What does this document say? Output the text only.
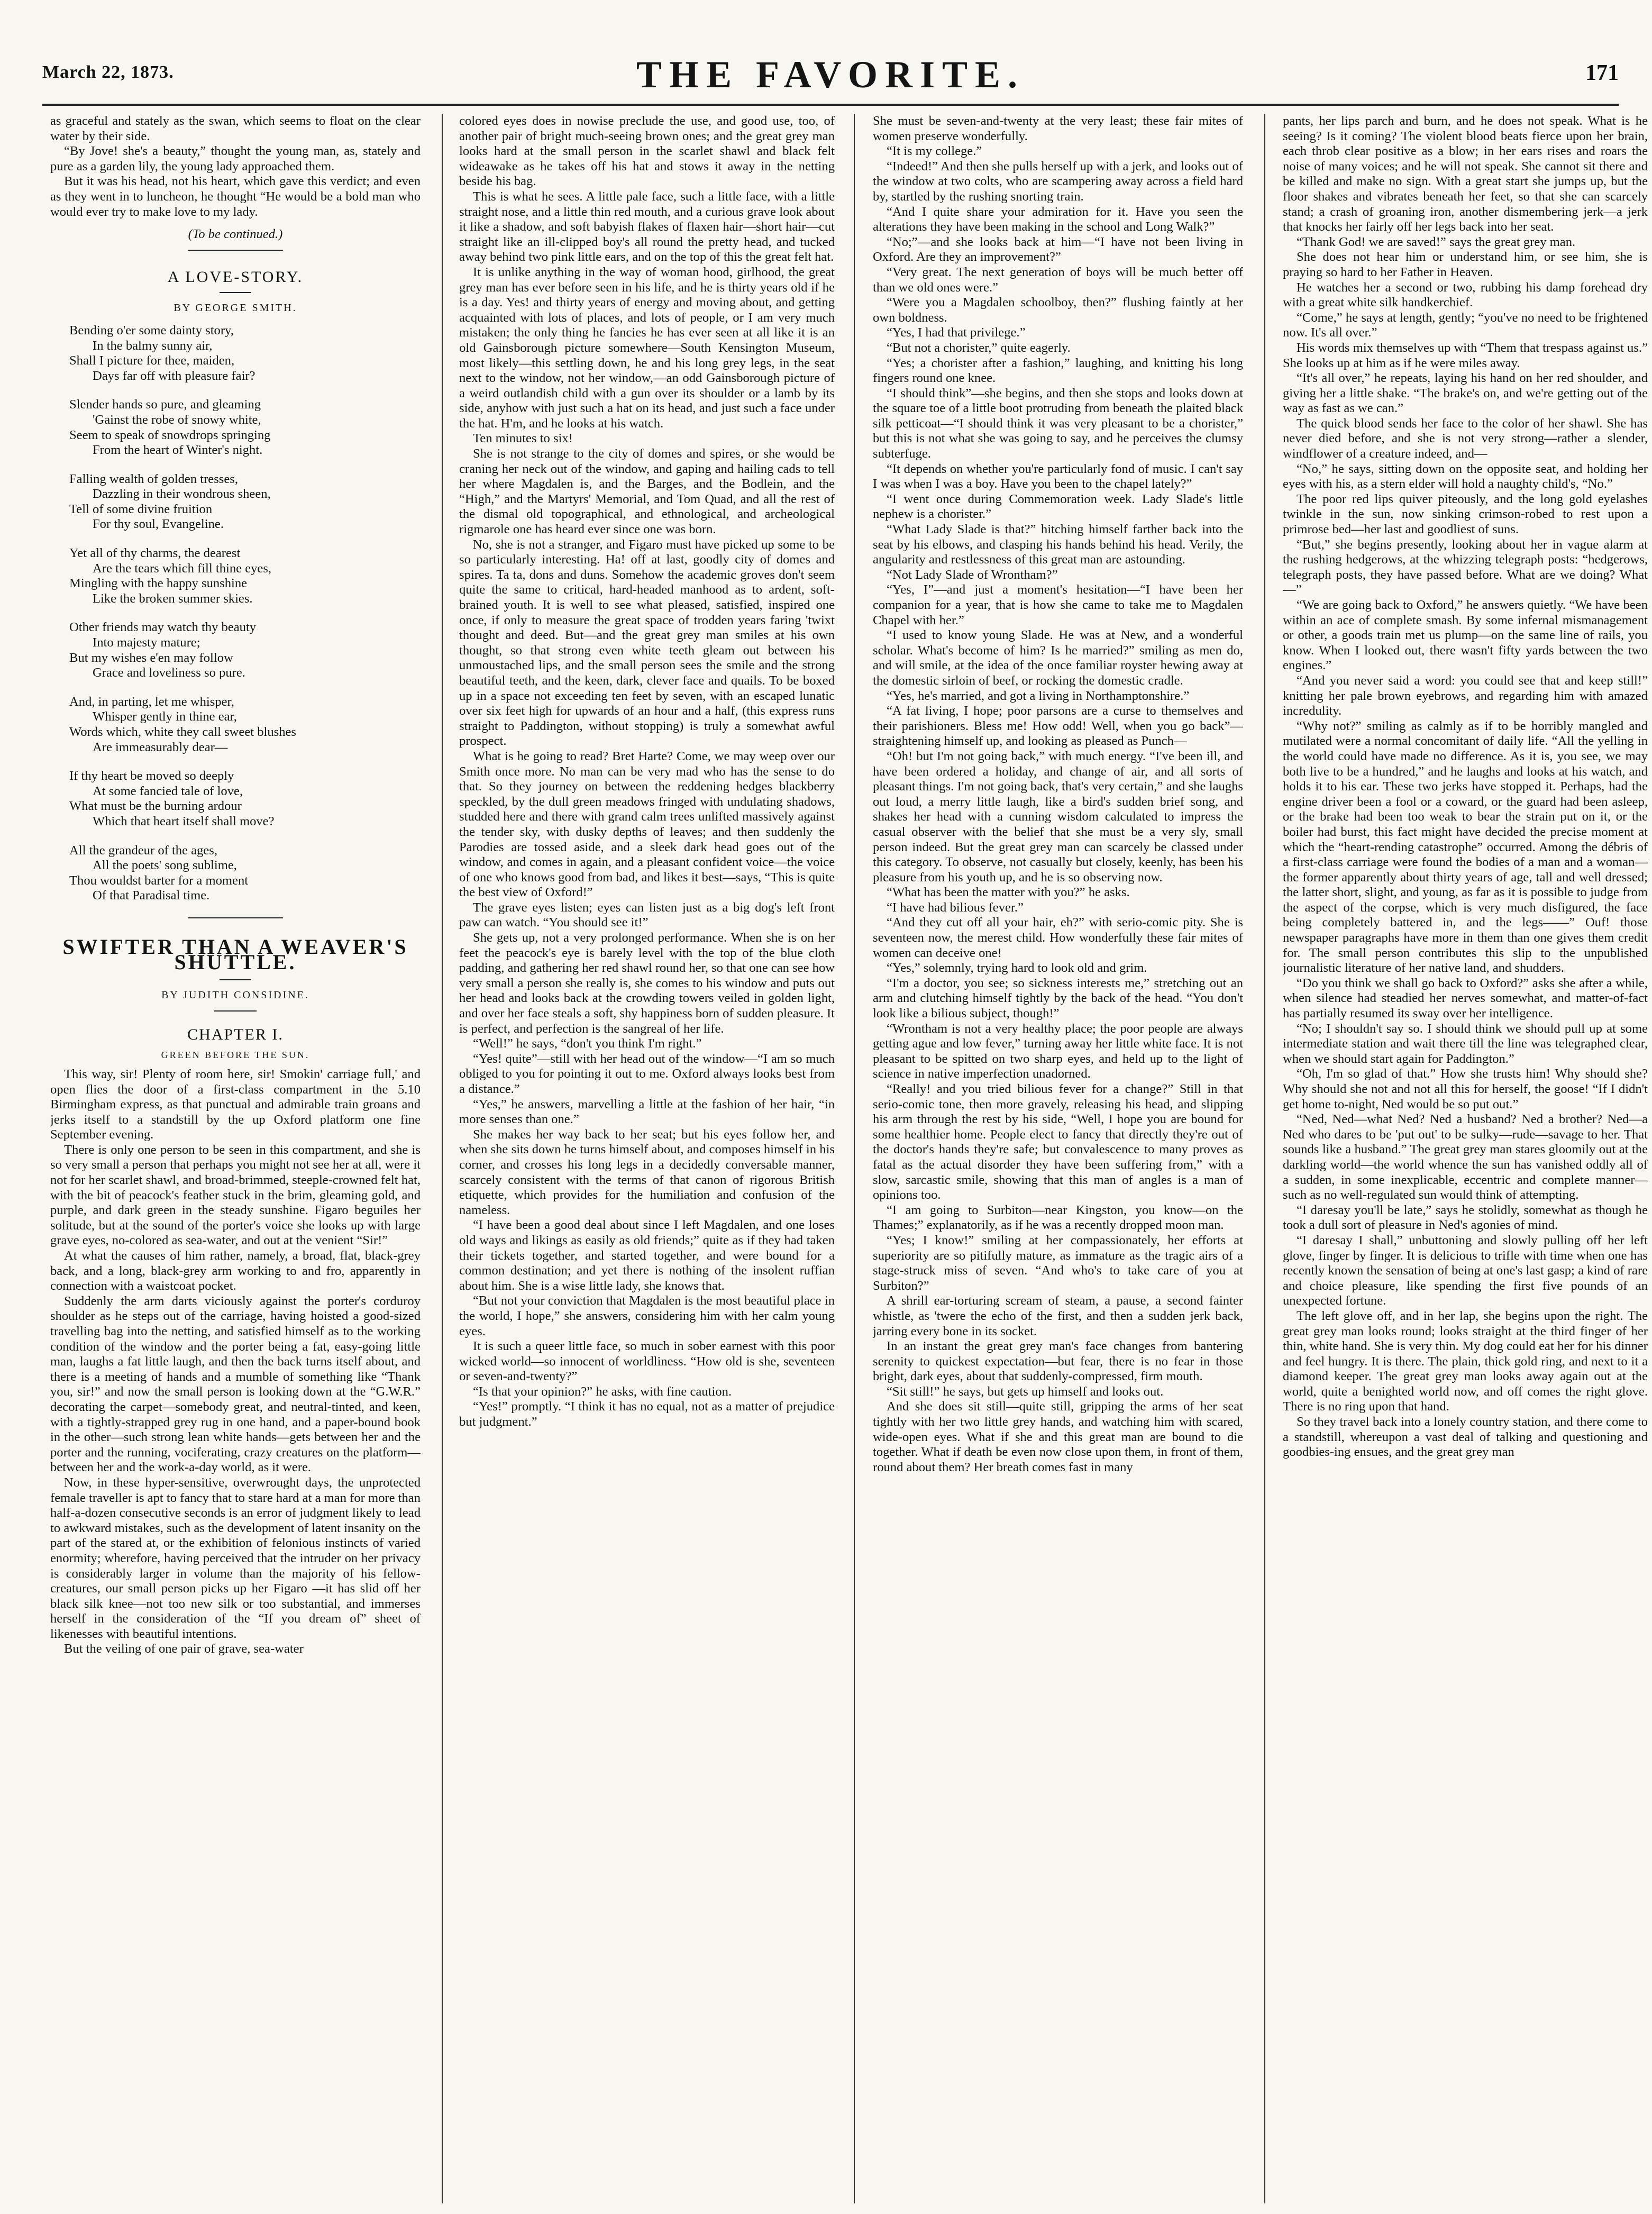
March 22, 1873.	THE FAVORITE.	171

as graceful and stately as the swan, which seems to float on the clear water by their side.

“By Jove! she's a beauty,” thought the young man, as, stately and pure as a garden lily, the young lady approached them.

But it was his head, not his heart, which gave this verdict; and even as they went in to luncheon, he thought “He would be a bold man who would ever try to make love to my lady.

(To be continued.)

A LOVE-STORY.

BY GEORGE SMITH.

Bending o'er some dainty story,
In the balmy sunny air,
Shall I picture for thee, maiden,
Days far off with pleasure fair?
Slender hands so pure, and gleaming
'Gainst the robe of snowy white,
Seem to speak of snowdrops springing
From the heart of Winter's night.
Falling wealth of golden tresses,
Dazzling in their wondrous sheen,
Tell of some divine fruition
For thy soul, Evangeline.
Yet all of thy charms, the dearest
Are the tears which fill thine eyes,
Mingling with the happy sunshine
Like the broken summer skies.
Other friends may watch thy beauty
Into majesty mature;
But my wishes e'en may follow
Grace and loveliness so pure.
And, in parting, let me whisper,
Whisper gently in thine ear,
Words which, white they call sweet blushes
Are immeasurably dear—
If thy heart be moved so deeply
At some fancied tale of love,
What must be the burning ardour
Which that heart itself shall move?
All the grandeur of the ages,
All the poets' song sublime,
Thou wouldst barter for a moment
Of that Paradisal time.
SWIFTER THAN A WEAVER'S SHUTTLE.

BY JUDITH CONSIDINE.

CHAPTER I.

GREEN BEFORE THE SUN.

This way, sir! Plenty of room here, sir! Smokin' carriage full,' and open flies the door of a first-class compartment in the 5.10 Birmingham express, as that punctual and admirable train groans and jerks itself to a standstill by the up Oxford platform one fine September evening.

There is only one person to be seen in this compartment, and she is so very small a person that perhaps you might not see her at all, were it not for her scarlet shawl, and broad-brimmed, steeple-crowned felt hat, with the bit of peacock's feather stuck in the brim, gleaming gold, and purple, and dark green in the steady sunshine. Figaro beguiles her solitude, but at the sound of the porter's voice she looks up with large grave eyes, no-colored as sea-water, and out at the venient “Sir!”

At what the causes of him rather, namely, a broad, flat, black-grey back, and a long, black-grey arm working to and fro, apparently in connection with a waistcoat pocket.

Suddenly the arm darts viciously against the porter's corduroy shoulder as he steps out of the carriage, having hoisted a good-sized travelling bag into the netting, and satisfied himself as to the working condition of the window and the porter being a fat, easy-going little man, laughs a fat little laugh, and then the back turns itself about, and there is a meeting of hands and a mumble of something like “Thank you, sir!” and now the small person is looking down at the “G.W.R.” decorating the carpet—somebody great, and neutral-tinted, and keen, with a tightly-strapped grey rug in one hand, and a paper-bound book in the other—such strong lean white hands—gets between her and the porter and the running, vociferating, crazy creatures on the platform—between her and the work-a-day world, as it were.

Now, in these hyper-sensitive, overwrought days, the unprotected female traveller is apt to fancy that to stare hard at a man for more than half-a-dozen consecutive seconds is an error of judgment likely to lead to awkward mistakes, such as the development of latent insanity on the part of the stared at, or the exhibition of felonious instincts of varied enormity; wherefore, having perceived that the intruder on her privacy is considerably larger in volume than the majority of his fellow-creatures, our small person picks up her Figaro —it has slid off her black silk knee—not too new silk or too substantial, and immerses herself in the consideration of the “If you dream of” sheet of likenesses with beautiful intentions.

But the veiling of one pair of grave, sea-water

colored eyes does in nowise preclude the use, and good use, too, of another pair of bright much-seeing brown ones; and the great grey man looks hard at the small person in the scarlet shawl and black felt wideawake as he takes off his hat and stows it away in the netting beside his bag.

This is what he sees. A little pale face, such a little face, with a little straight nose, and a little thin red mouth, and a curious grave look about it like a shadow, and soft babyish flakes of flaxen hair—short hair—cut straight like an ill-clipped boy's all round the pretty head, and tucked away behind two pink little ears, and on the top of this the great felt hat.

It is unlike anything in the way of woman hood, girlhood, the great grey man has ever before seen in his life, and he is thirty years old if he is a day. Yes! and thirty years of energy and moving about, and getting acquainted with lots of places, and lots of people, or I am very much mistaken; the only thing he fancies he has ever seen at all like it is an old Gainsborough picture somewhere—South Kensington Museum, most likely—this settling down, he and his long grey legs, in the seat next to the window, not her window,—an odd Gainsborough picture of a weird outlandish child with a gun over its shoulder or a lamb by its side, anyhow with just such a hat on its head, and just such a face under the hat. H'm, and he looks at his watch.

Ten minutes to six!

She is not strange to the city of domes and spires, or she would be craning her neck out of the window, and gaping and hailing cads to tell her where Magdalen is, and the Barges, and the Bodlein, and the “High,” and the Martyrs' Memorial, and Tom Quad, and all the rest of the dismal old topographical, and ethnological, and archeological rigmarole one has heard ever since one was born.

No, she is not a stranger, and Figaro must have picked up some to be so particularly interesting. Ha! off at last, goodly city of domes and spires. Ta ta, dons and duns. Somehow the academic groves don't seem quite the same to critical, hard-headed manhood as to ardent, soft-brained youth. It is well to see what pleased, satisfied, inspired one once, if only to measure the great space of trodden years faring 'twixt thought and deed. But—and the great grey man smiles at his own thought, so that strong even white teeth gleam out between his unmoustached lips, and the small person sees the smile and the strong beautiful teeth, and the keen, dark, clever face and quails. To be boxed up in a space not exceeding ten feet by seven, with an escaped lunatic over six feet high for upwards of an hour and a half, (this express runs straight to Paddington, without stopping) is truly a somewhat awful prospect.

What is he going to read? Bret Harte? Come, we may weep over our Smith once more. No man can be very mad who has the sense to do that. So they journey on between the reddening hedges blackberry speckled, by the dull green meadows fringed with undulating shadows, studded here and there with grand calm trees unlifted massively against the tender sky, with dusky depths of leaves; and then suddenly the Parodies are tossed aside, and a sleek dark head goes out of the window, and comes in again, and a pleasant confident voice—the voice of one who knows good from bad, and likes it best—says, “This is quite the best view of Oxford!”

The grave eyes listen; eyes can listen just as a big dog's left front paw can watch. “You should see it!”

She gets up, not a very prolonged performance. When she is on her feet the peacock's eye is barely level with the top of the blue cloth padding, and gathering her red shawl round her, so that one can see how very small a person she really is, she comes to his window and puts out her head and looks back at the crowding towers veiled in golden light, and over her face steals a soft, shy happiness born of sudden pleasure. It is perfect, and perfection is the sangreal of her life.

“Well!” he says, “don't you think I'm right.”

“Yes! quite”—still with her head out of the window—“I am so much obliged to you for pointing it out to me. Oxford always looks best from a distance.”

“Yes,” he answers, marvelling a little at the fashion of her hair, “in more senses than one.”

She makes her way back to her seat; but his eyes follow her, and when she sits down he turns himself about, and composes himself in his corner, and crosses his long legs in a decidedly conversable manner, scarcely consistent with the terms of that canon of rigorous British etiquette, which provides for the humiliation and confusion of the nameless.

“I have been a good deal about since I left Magdalen, and one loses old ways and likings as easily as old friends;” quite as if they had taken their tickets together, and started together, and were bound for a common destination; and yet there is nothing of the insolent ruffian about him. She is a wise little lady, she knows that.

“But not your conviction that Magdalen is the most beautiful place in the world, I hope,” she answers, considering him with her calm young eyes.

It is such a queer little face, so much in sober earnest with this poor wicked world—so innocent of worldliness. “How old is she, seventeen or seven-and-twenty?”

“Is that your opinion?” he asks, with fine caution.

“Yes!” promptly. “I think it has no equal, not as a matter of prejudice but judgment.”

She must be seven-and-twenty at the very least; these fair mites of women preserve wonderfully.

“It is my college.”

“Indeed!” And then she pulls herself up with a jerk, and looks out of the window at two colts, who are scampering away across a field hard by, startled by the rushing snorting train.

“And I quite share your admiration for it. Have you seen the alterations they have been making in the school and Long Walk?”

“No;”—and she looks back at him—“I have not been living in Oxford. Are they an improvement?”

“Very great. The next generation of boys will be much better off than we old ones were.”

“Were you a Magdalen schoolboy, then?” flushing faintly at her own boldness.

“Yes, I had that privilege.”

“But not a chorister,” quite eagerly.

“Yes; a chorister after a fashion,” laughing, and knitting his long fingers round one knee.

“I should think”—she begins, and then she stops and looks down at the square toe of a little boot protruding from beneath the plaited black silk petticoat—“I should think it was very pleasant to be a chorister,” but this is not what she was going to say, and he perceives the clumsy subterfuge.

“It depends on whether you're particularly fond of music. I can't say I was when I was a boy. Have you been to the chapel lately?”

“I went once during Commemoration week. Lady Slade's little nephew is a chorister.”

“What Lady Slade is that?” hitching himself farther back into the seat by his elbows, and clasping his hands behind his head. Verily, the angularity and restlessness of this great man are astounding.

“Not Lady Slade of Wrontham?”

“Yes, I”—and just a moment's hesitation—“I have been her companion for a year, that is how she came to take me to Magdalen Chapel with her.”

“I used to know young Slade. He was at New, and a wonderful scholar. What's become of him? Is he married?” smiling as men do, and will smile, at the idea of the once familiar royster hewing away at the domestic sirloin of beef, or rocking the domestic cradle.

“Yes, he's married, and got a living in Northamptonshire.”

“A fat living, I hope; poor parsons are a curse to themselves and their parishioners. Bless me! How odd! Well, when you go back”—straightening himself up, and looking as pleased as Punch—

“Oh! but I'm not going back,” with much energy. “I've been ill, and have been ordered a holiday, and change of air, and all sorts of pleasant things. I'm not going back, that's very certain,” and she laughs out loud, a merry little laugh, like a bird's sudden brief song, and shakes her head with a cunning wisdom calculated to impress the casual observer with the belief that she must be a very sly, small person indeed. But the great grey man can scarcely be classed under this category. To observe, not casually but closely, keenly, has been his pleasure from his youth up, and he is so observing now.

“What has been the matter with you?” he asks.

“I have had bilious fever.”

“And they cut off all your hair, eh?” with serio-comic pity. She is seventeen now, the merest child. How wonderfully these fair mites of women can deceive one!

“Yes,” solemnly, trying hard to look old and grim.

“I'm a doctor, you see; so sickness interests me,” stretching out an arm and clutching himself tightly by the back of the head. “You don't look like a bilious subject, though!”

“Wrontham is not a very healthy place; the poor people are always getting ague and low fever,” turning away her little white face. It is not pleasant to be spitted on two sharp eyes, and held up to the light of science in native imperfection unadorned.

“Really! and you tried bilious fever for a change?” Still in that serio-comic tone, then more gravely, releasing his head, and slipping his arm through the rest by his side, “Well, I hope you are bound for some healthier home. People elect to fancy that directly they're out of the doctor's hands they're safe; but convalescence to many proves as fatal as the actual disorder they have been suffering from,” with a slow, sarcastic smile, showing that this man of angles is a man of opinions too.

“I am going to Surbiton—near Kingston, you know—on the Thames;” explanatorily, as if he was a recently dropped moon man.

“Yes; I know!” smiling at her compassionately, her efforts at superiority are so pitifully mature, as immature as the tragic airs of a stage-struck miss of seven. “And who's to take care of you at Surbiton?”

A shrill ear-torturing scream of steam, a pause, a second fainter whistle, as 'twere the echo of the first, and then a sudden jerk back, jarring every bone in its socket.

In an instant the great grey man's face changes from bantering serenity to quickest expectation—but fear, there is no fear in those bright, dark eyes, about that suddenly-compressed, firm mouth.

“Sit still!” he says, but gets up himself and looks out.

And she does sit still—quite still, gripping the arms of her seat tightly with her two little grey hands, and watching him with scared, wide-open eyes. What if she and this great man are bound to die together. What if death be even now close upon them, in front of them, round about them? Her breath comes fast in many

pants, her lips parch and burn, and he does not speak. What is he seeing? Is it coming? The violent blood beats fierce upon her brain, each throb clear positive as a blow; in her ears rises and roars the noise of many voices; and he will not speak. She cannot sit there and be killed and make no sign. With a great start she jumps up, but the floor shakes and vibrates beneath her feet, so that she can scarcely stand; a crash of groaning iron, another dismembering jerk—a jerk that knocks her fairly off her legs back into her seat.

“Thank God! we are saved!” says the great grey man.

She does not hear him or understand him, or see him, she is praying so hard to her Father in Heaven.

He watches her a second or two, rubbing his damp forehead dry with a great white silk handkerchief.

“Come,” he says at length, gently; “you've no need to be frightened now. It's all over.”

His words mix themselves up with “Them that trespass against us.” She looks up at him as if he were miles away.

“It's all over,” he repeats, laying his hand on her red shoulder, and giving her a little shake. “The brake's on, and we're getting out of the way as fast as we can.”

The quick blood sends her face to the color of her shawl. She has never died before, and she is not very strong—rather a slender, windflower of a creature indeed, and—

“No,” he says, sitting down on the opposite seat, and holding her eyes with his, as a stern elder will hold a naughty child's, “No.”

The poor red lips quiver piteously, and the long gold eyelashes twinkle in the sun, now sinking crimson-robed to rest upon a primrose bed—her last and goodliest of suns.

“But,” she begins presently, looking about her in vague alarm at the rushing hedgerows, at the whizzing telegraph posts: “hedgerows, telegraph posts, they have passed before. What are we doing? What—”

“We are going back to Oxford,” he answers quietly. “We have been within an ace of complete smash. By some infernal mismanagement or other, a goods train met us plump—on the same line of rails, you know. When I looked out, there wasn't fifty yards between the two engines.”

“And you never said a word: you could see that and keep still!” knitting her pale brown eyebrows, and regarding him with amazed incredulity.

“Why not?” smiling as calmly as if to be horribly mangled and mutilated were a normal concomitant of daily life. “All the yelling in the world could have made no difference. As it is, you see, we may both live to be a hundred,” and he laughs and looks at his watch, and holds it to his ear. These two jerks have stopped it. Perhaps, had the engine driver been a fool or a coward, or the guard had been asleep, or the brake had been too weak to bear the strain put on it, or the boiler had burst, this fact might have decided the precise moment at which the “heart-rending catastrophe” occurred. Among the débris of a first-class carriage were found the bodies of a man and a woman—the former apparently about thirty years of age, tall and well dressed; the latter short, slight, and young, as far as it is possible to judge from the aspect of the corpse, which is very much disfigured, the face being completely battered in, and the legs——” Ouf! those newspaper paragraphs have more in them than one gives them credit for. The small person contributes this slip to the unpublished journalistic literature of her native land, and shudders.

“Do you think we shall go back to Oxford?” asks she after a while, when silence had steadied her nerves somewhat, and matter-of-fact has partially resumed its sway over her intelligence.

“No; I shouldn't say so. I should think we should pull up at some intermediate station and wait there till the line was telegraphed clear, when we should start again for Paddington.”

“Oh, I'm so glad of that.” How she trusts him! Why should she? Why should she not and not all this for herself, the goose! “If I didn't get home to-night, Ned would be so put out.”

“Ned, Ned—what Ned? Ned a husband? Ned a brother? Ned—a Ned who dares to be 'put out' to be sulky—rude—savage to her. That sounds like a husband.” The great grey man stares gloomily out at the darkling world—the world whence the sun has vanished oddly all of a sudden, in some inexplicable, eccentric and complete manner—such as no well-regulated sun would think of attempting.

“I daresay you'll be late,” says he stolidly, somewhat as though he took a dull sort of pleasure in Ned's agonies of mind.

“I daresay I shall,” unbuttoning and slowly pulling off her left glove, finger by finger. It is delicious to trifle with time when one has recently known the sensation of being at one's last gasp; a kind of rare and choice pleasure, like spending the first five pounds of an unexpected fortune.

The left glove off, and in her lap, she begins upon the right. The great grey man looks round; looks straight at the third finger of her thin, white hand. She is very thin. My dog could eat her for his dinner and feel hungry. It is there. The plain, thick gold ring, and next to it a diamond keeper. The great grey man looks away again out at the world, quite a benighted world now, and off comes the right glove. There is no ring upon that hand.

So they travel back into a lonely country station, and there come to a standstill, whereupon a vast deal of talking and questioning and goodbies-ing ensues, and the great grey man
